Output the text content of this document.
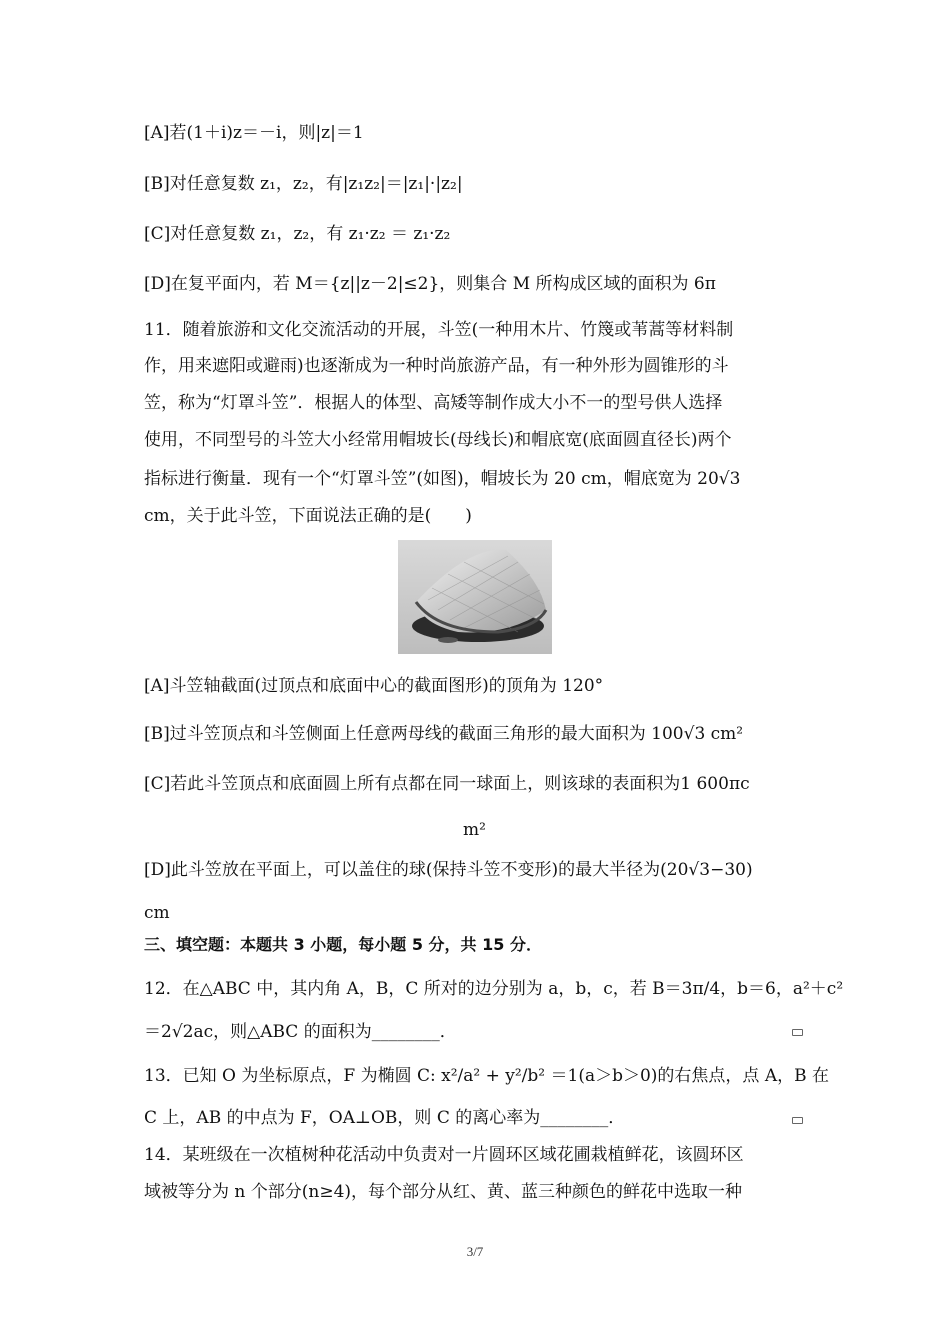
[A]若(1＋i)z＝－i，则|z|＝1
[B]对任意复数 z₁，z₂，有|z₁z₂|＝|z₁|·|z₂|
[C]对任意复数 z₁，z₂，有 z₁·z₂ ＝ z₁·z₂
[D]在复平面内，若 M＝{z||z－2|≤2}，则集合 M 所构成区域的面积为 6π
11．随着旅游和文化交流活动的开展，斗笠(一种用木片、竹篾或苇蒿等材料制
作，用来遮阳或避雨)也逐渐成为一种时尚旅游产品，有一种外形为圆锥形的斗
笠，称为“灯罩斗笠”．根据人的体型、高矮等制作成大小不一的型号供人选择
使用，不同型号的斗笠大小经常用帽坡长(母线长)和帽底宽(底面圆直径长)两个
指标进行衡量．现有一个“灯罩斗笠”(如图)，帽坡长为 20 cm，帽底宽为 20√3
cm，关于此斗笠，下面说法正确的是(　　)
[A]斗笠轴截面(过顶点和底面中心的截面图形)的顶角为 120°
[B]过斗笠顶点和斗笠侧面上任意两母线的截面三角形的最大面积为 100√3 cm²
[C]若此斗笠顶点和底面圆上所有点都在同一球面上，则该球的表面积为1 600πc
m²
[D]此斗笠放在平面上，可以盖住的球(保持斗笠不变形)的最大半径为(20√3−30)
cm
三、填空题：本题共 3 小题，每小题 5 分，共 15 分．
12．在△ABC 中，其内角 A，B，C 所对的边分别为 a，b，c，若 B＝3π/4，b＝6，a²＋c²
＝2√2ac，则△ABC 的面积为________．
13．已知 O 为坐标原点，F 为椭圆 C: x²/a² + y²/b² ＝1(a＞b＞0)的右焦点，点 A，B 在
C 上，AB 的中点为 F，OA⊥OB，则 C 的离心率为________．
14．某班级在一次植树种花活动中负责对一片圆环区域花圃栽植鲜花，该圆环区
域被等分为 n 个部分(n≥4)，每个部分从红、黄、蓝三种颜色的鲜花中选取一种
3/7
